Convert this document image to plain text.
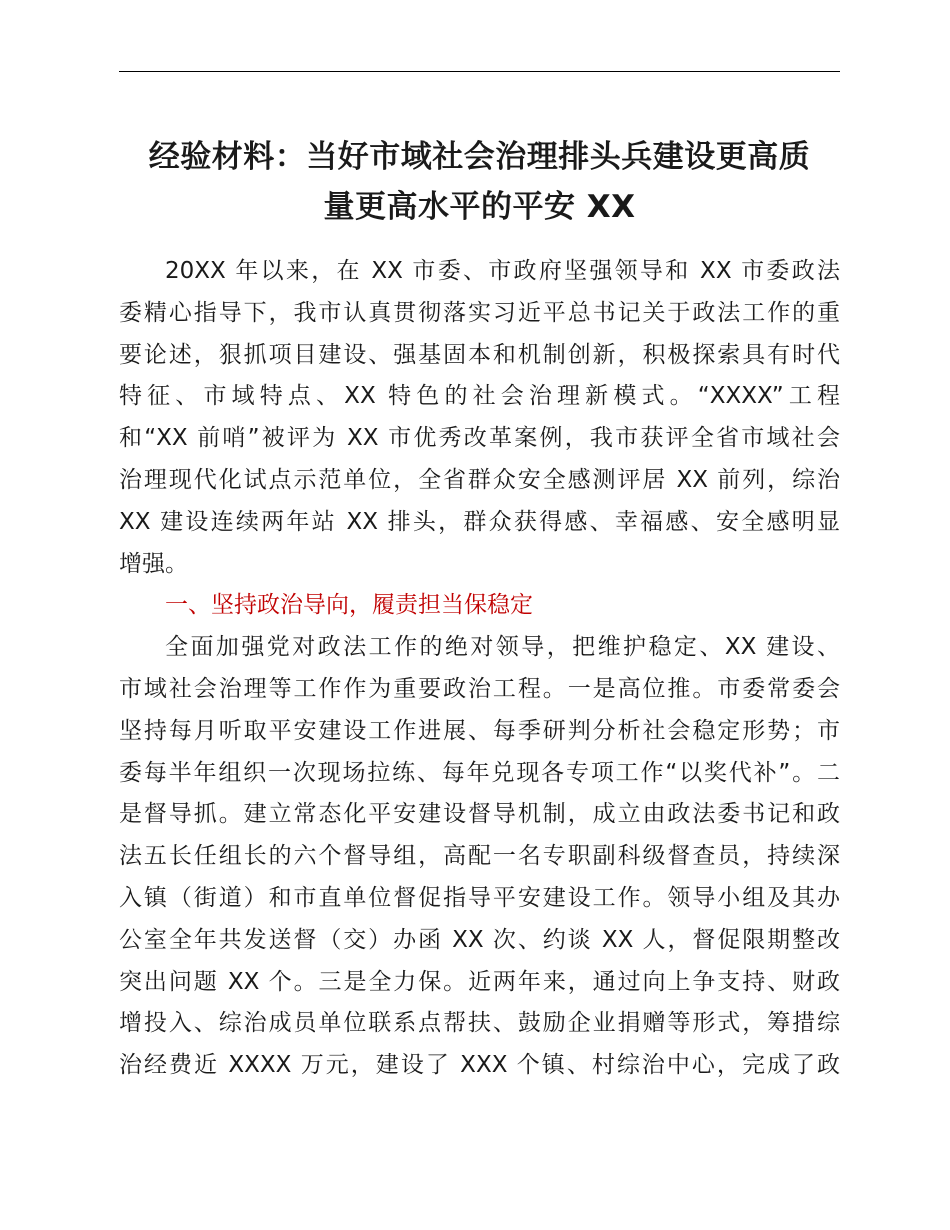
经验材料：当好市域社会治理排头兵建设更高质
量更高水平的平安 XX
20XX 年以来，在 XX 市委、市政府坚强领导和 XX 市委政法
委精心指导下，我市认真贯彻落实习近平总书记关于政法工作的重
要论述，狠抓项目建设、强基固本和机制创新，积极探索具有时代
特征、市域特点、XX 特色的社会治理新模式。“XXXX”工程
和“XX 前哨”被评为 XX 市优秀改革案例，我市获评全省市域社会
治理现代化试点示范单位，全省群众安全感测评居 XX 前列，综治
XX 建设连续两年站 XX 排头，群众获得感、幸福感、安全感明显
增强。
一、坚持政治导向，履责担当保稳定
全面加强党对政法工作的绝对领导，把维护稳定、XX 建设、
市域社会治理等工作作为重要政治工程。一是高位推。市委常委会
坚持每月听取平安建设工作进展、每季研判分析社会稳定形势；市
委每半年组织一次现场拉练、每年兑现各专项工作“以奖代补”。二
是督导抓。建立常态化平安建设督导机制，成立由政法委书记和政
法五长任组长的六个督导组，高配一名专职副科级督查员，持续深
入镇（街道）和市直单位督促指导平安建设工作。领导小组及其办
公室全年共发送督（交）办函 XX 次、约谈 XX 人，督促限期整改
突出问题 XX 个。三是全力保。近两年来，通过向上争支持、财政
增投入、综治成员单位联系点帮扶、鼓励企业捐赠等形式，筹措综
治经费近 XXXX 万元，建设了 XXX 个镇、村综治中心，完成了政
